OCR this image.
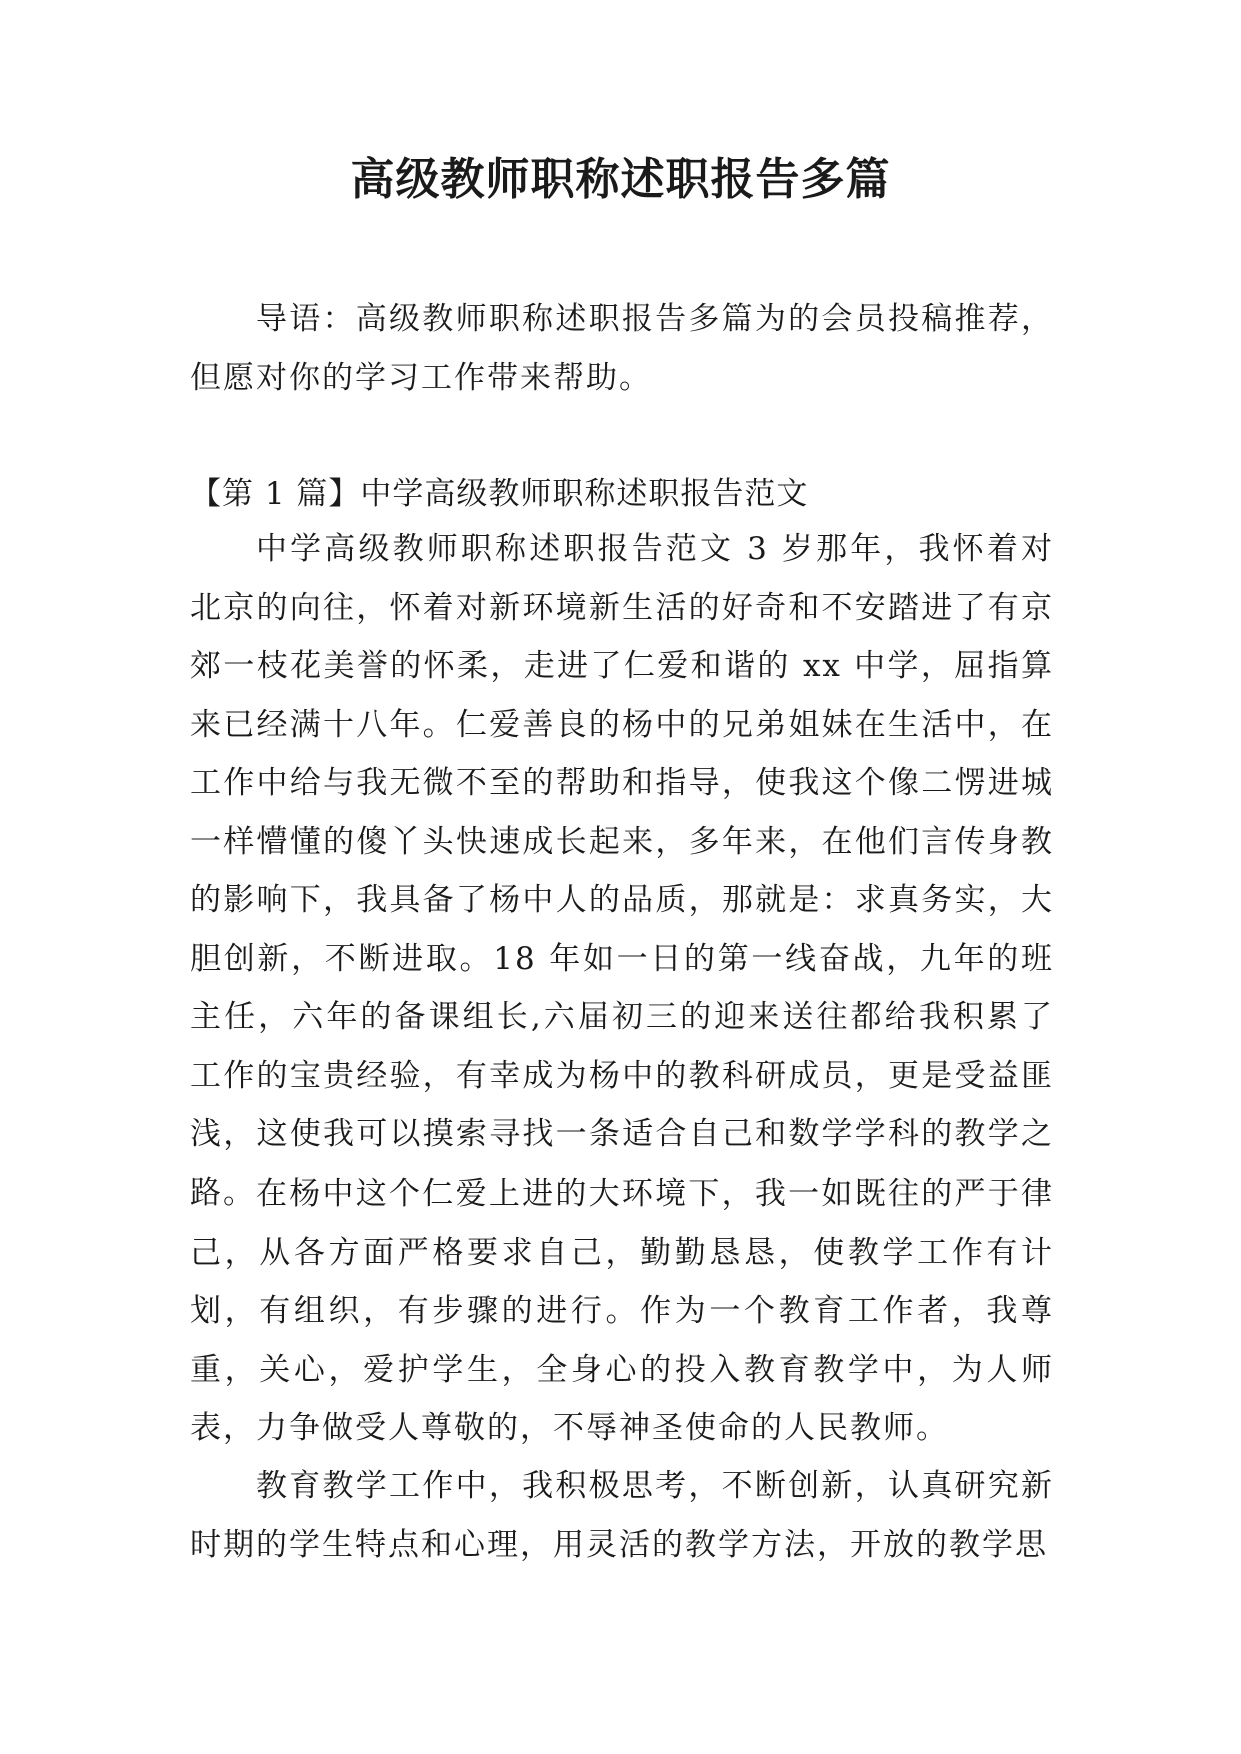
高级教师职称述职报告多篇

导语：高级教师职称述职报告多篇为的会员投稿推荐，但愿对你的学习工作带来帮助。

【第 1 篇】中学高级教师职称述职报告范文

中学高级教师职称述职报告范文 3 岁那年，我怀着对北京的向往，怀着对新环境新生活的好奇和不安踏进了有京郊一枝花美誉的怀柔，走进了仁爱和谐的 xx 中学，屈指算来已经满十八年。仁爱善良的杨中的兄弟姐妹在生活中，在工作中给与我无微不至的帮助和指导，使我这个像二愣进城一样懵懂的傻丫头快速成长起来，多年来，在他们言传身教的影响下，我具备了杨中人的品质，那就是：求真务实，大胆创新，不断进取。18 年如一日的第一线奋战，九年的班主任，六年的备课组长,六届初三的迎来送往都给我积累了工作的宝贵经验，有幸成为杨中的教科研成员，更是受益匪浅，这使我可以摸索寻找一条适合自己和数学学科的教学之路。 在杨中这个仁爱上进的大环境下，我一如既往的严于律己，从各方面严格要求自己，勤勤恳恳，使教学工作有计划，有组织，有步骤的进行。作为一个教育工作者，我尊重，关心，爱护学生，全身心的投入教育教学中，为人师表，力争做受人尊敬的，不辱神圣使命的人民教师。

教育教学工作中，我积极思考，不断创新，认真研究新时期的学生特点和心理，用灵活的教学方法，开放的教学思
